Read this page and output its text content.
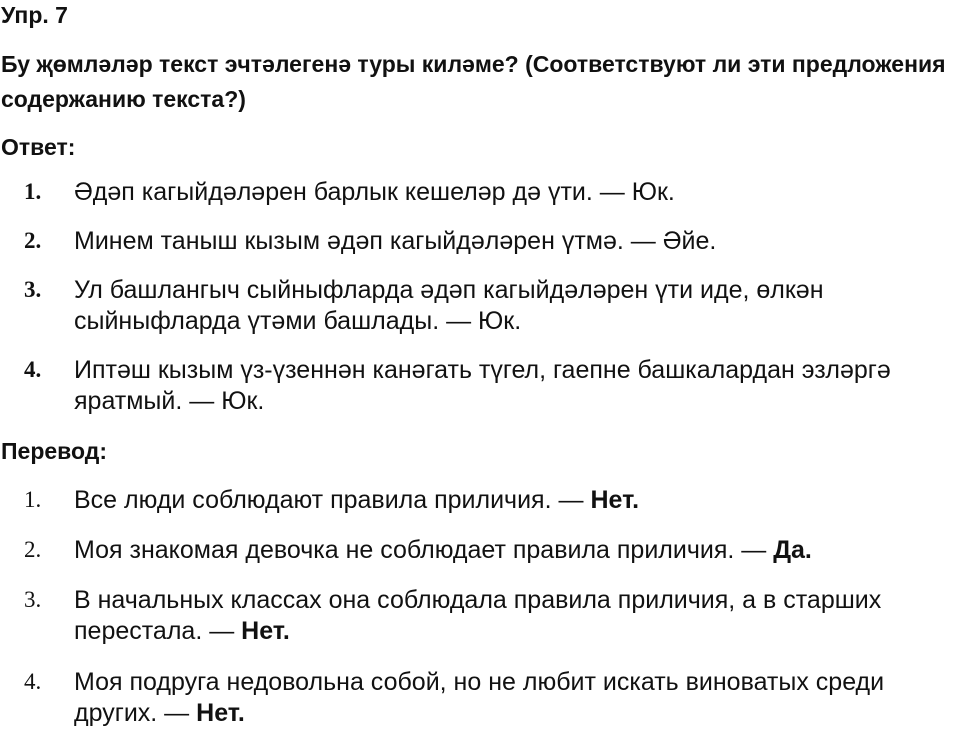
Упр. 7
Бу җөмләләр текст эчтәлегенә туры киләме? (Соответствуют ли эти предложения содержанию текста?)
Ответ:
1. Әдәп кагыйдәләрен барлык кешеләр дә үти. — Юк.
2. Минем таныш кызым әдәп кагыйдәләрен үтмә. — Әйе.
3. Ул башлангыч сыйныфларда әдәп кагыйдәләрен үти иде, өлкән сыйныфларда үтәми башлады. — Юк.
4. Иптәш кызым үз-үзеннән канәгать түгел, гаепне башкалардан эзләргә яратмый. — Юк.
Перевод:
1. Все люди соблюдают правила приличия. — Нет.
2. Моя знакомая девочка не соблюдает правила приличия. — Да.
3. В начальных классах она соблюдала правила приличия, а в старших перестала. — Нет.
4. Моя подруга недовольна собой, но не любит искать виноватых среди других. — Нет.
